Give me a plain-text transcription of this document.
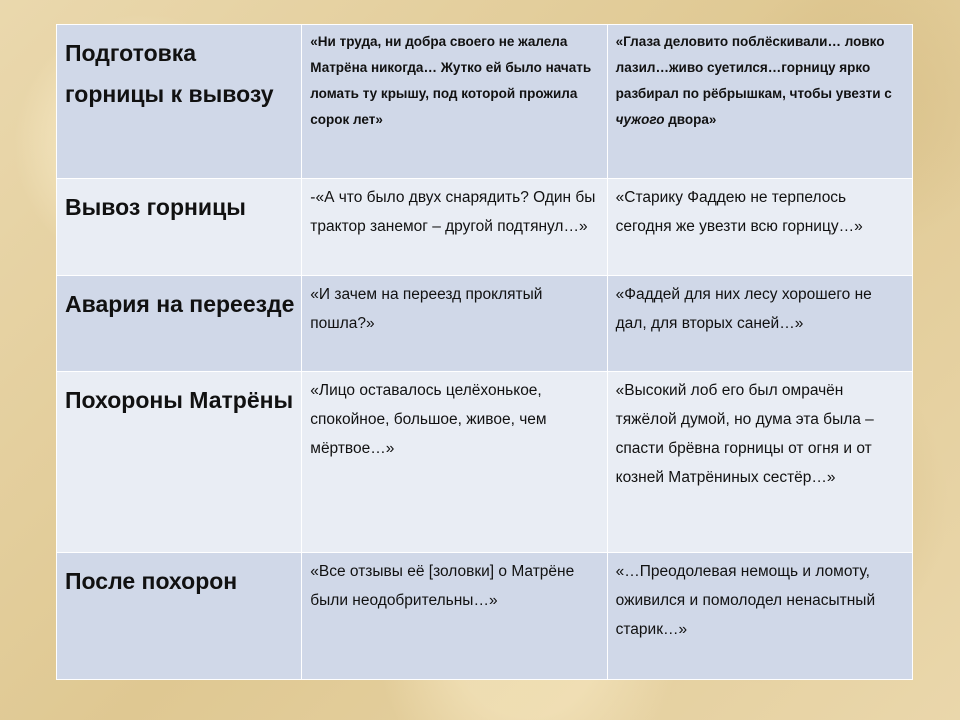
Подготовка горницы к вывозу	«Ни труда, ни добра своего не жалела Матрёна никогда… Жутко ей было начать ломать ту крышу, под которой прожила сорок лет»	«Глаза деловито поблёскивали… ловко лазил…живо суетился…горницу ярко разбирал по рёбрышкам, чтобы увезти с чужого двора»

Вывоз горницы	-«А что было двух снарядить? Один бы трактор занемог – другой подтянул…»	«Старику Фаддею не терпелось сегодня же увезти всю горницу…»

Авария на переезде	«И зачем на переезд проклятый пошла?»	«Фаддей для них лесу хорошего не дал, для вторых саней…»

Похороны Матрёны	«Лицо оставалось целёхонькое, спокойное, большое, живое, чем мёртвое…»	«Высокий лоб его был омрачён тяжёлой думой, но дума эта была – спасти брёвна горницы от огня и от козней Матрёниных сестёр…»

После похорон	«Все отзывы её [золовки] о Матрёне были неодобрительны…»	«…Преодолевая немощь и ломоту, оживился и помолодел ненасытный старик…»
